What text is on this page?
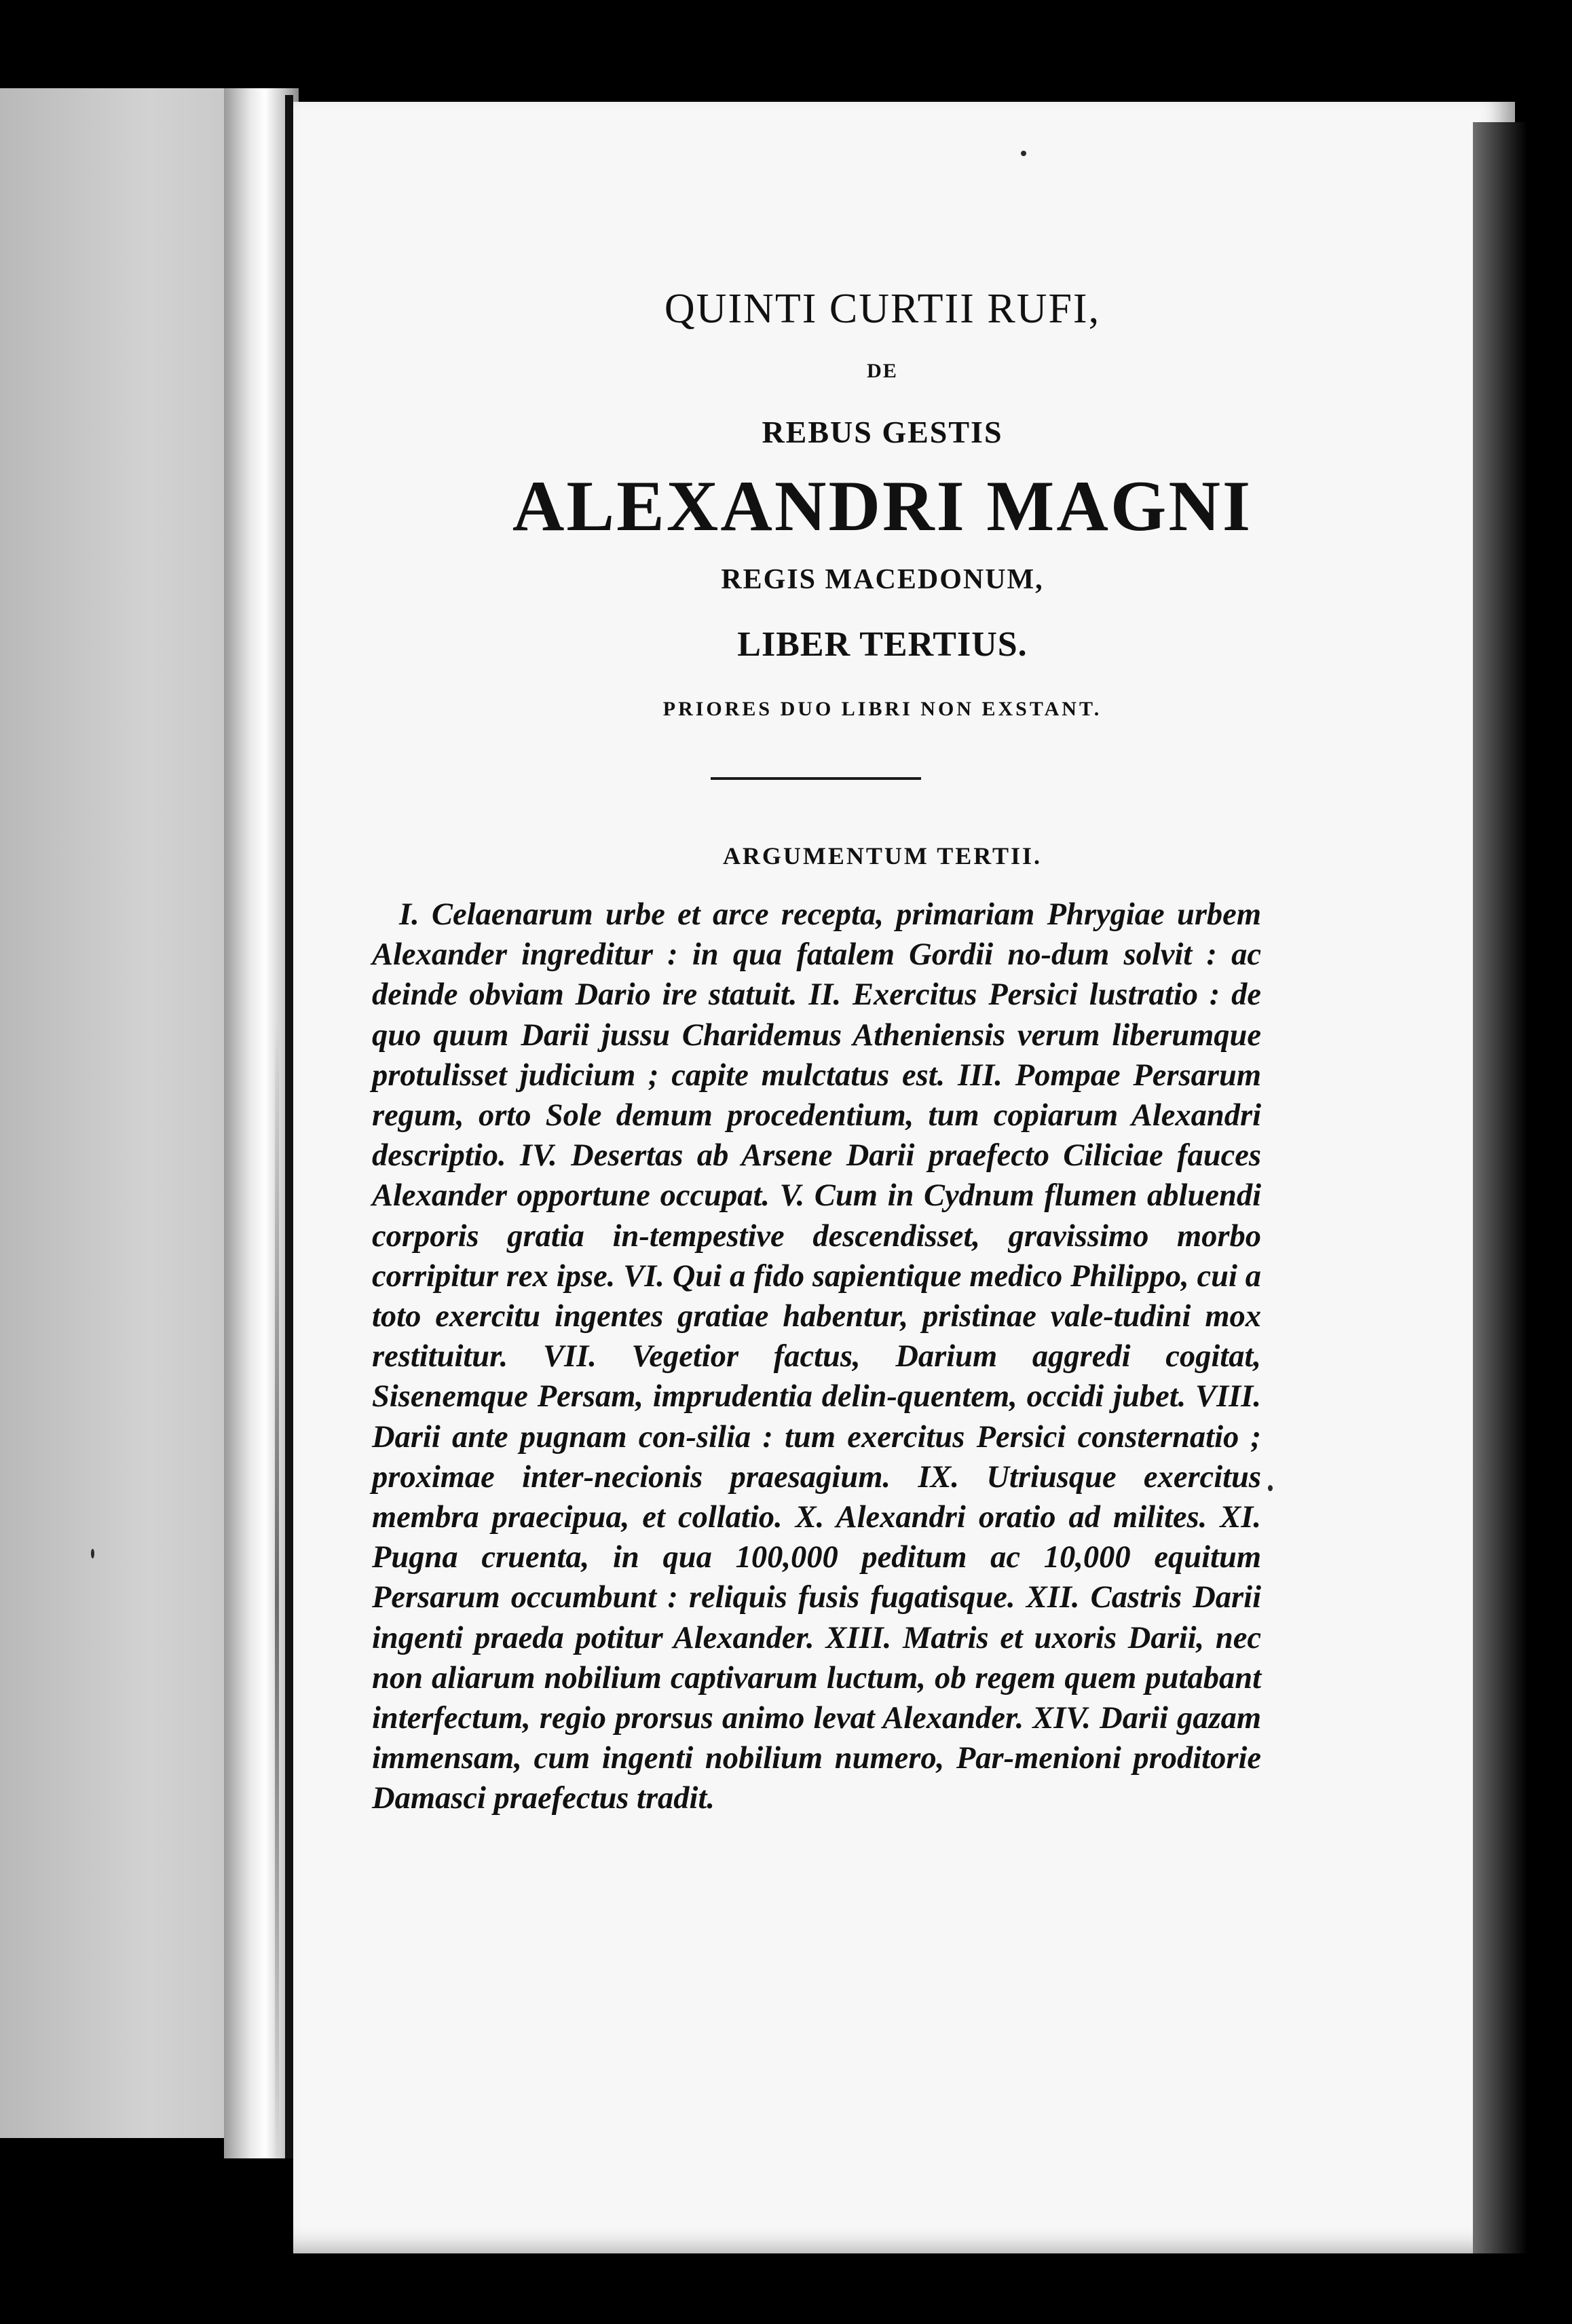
QUINTI CURTII RUFI,
DE
REBUS GESTIS
ALEXANDRI MAGNI
REGIS MACEDONUM,
LIBER TERTIUS.
PRIORES DUO LIBRI NON EXSTANT.
ARGUMENTUM TERTII.

I. Celaenarum urbe et arce recepta, primariam Phrygiae urbem Alexander ingreditur : in qua fatalem Gordii no-dum solvit : ac deinde obviam Dario ire statuit. II. Exercitus Persici lustratio : de quo quum Darii jussu Charidemus Atheniensis verum liberumque protulisset judicium ; capite mulctatus est. III. Pompae Persarum regum, orto Sole demum procedentium, tum copiarum Alexandri descriptio. IV. Desertas ab Arsene Darii praefecto Ciliciae fauces Alexander opportune occupat. V. Cum in Cydnum flumen abluendi corporis gratia in-tempestive descendisset, gravissimo morbo corripitur rex ipse. VI. Qui a fido sapientique medico Philippo, cui a toto exercitu ingentes gratiae habentur, pristinae vale-tudini mox restituitur. VII. Vegetior factus, Darium aggredi cogitat, Sisenemque Persam, imprudentia delin-quentem, occidi jubet. VIII. Darii ante pugnam con-silia : tum exercitus Persici consternatio ; proximae inter-necionis praesagium. IX. Utriusque exercitus membra praecipua, et collatio. X. Alexandri oratio ad milites. XI. Pugna cruenta, in qua 100,000 peditum ac 10,000 equitum Persarum occumbunt : reliquis fusis fugatisque. XII. Castris Darii ingenti praeda potitur Alexander. XIII. Matris et uxoris Darii, nec non aliarum nobilium captivarum luctum, ob regem quem putabant interfectum, regio prorsus animo levat Alexander. XIV. Darii gazam immensam, cum ingenti nobilium numero, Par-menioni proditorie Damasci praefectus tradit.
